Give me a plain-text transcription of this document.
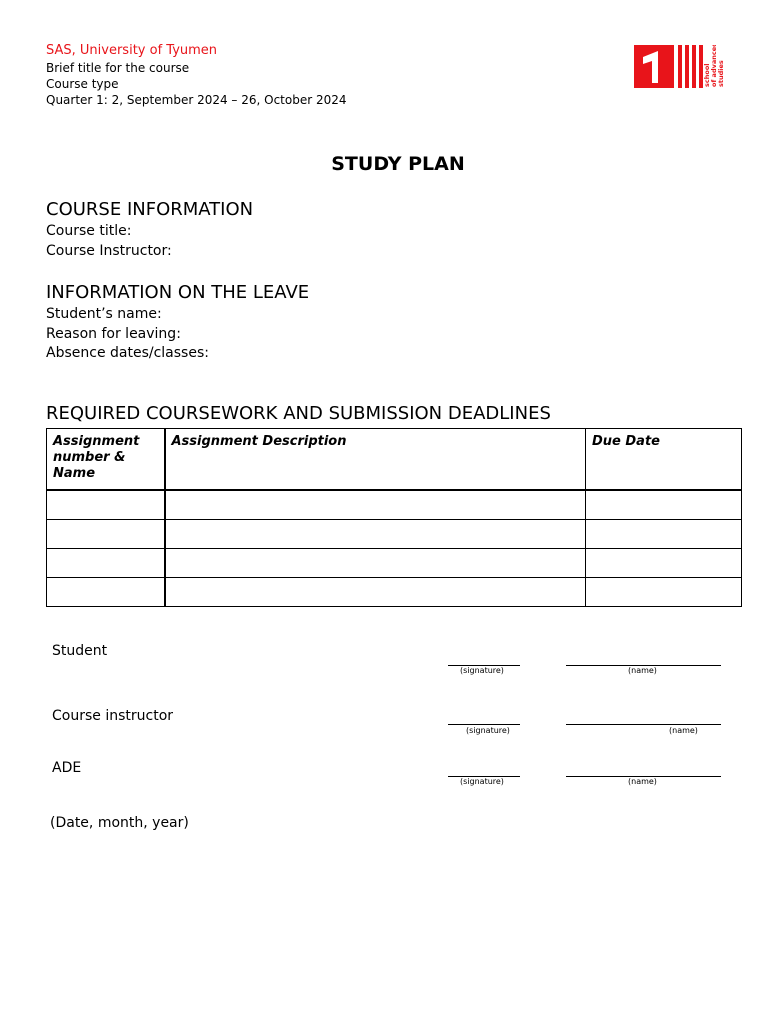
SAS, University of Tyumen
Brief title for the course
Course type
Quarter 1: 2, September 2024 – 26, October 2024
school of advanced studies
STUDY PLAN
COURSE INFORMATION
Course title:
Course Instructor:
INFORMATION ON THE LEAVE
Student’s name:
Reason for leaving:
Absence dates/classes:
REQUIRED COURSEWORK AND SUBMISSION DEADLINES
Assignment number & Name	Assignment Description	Due Date

Student
(signature)	(name)
Course instructor
(signature)	(name)
ADE
(signature)	(name)
(Date, month, year)
